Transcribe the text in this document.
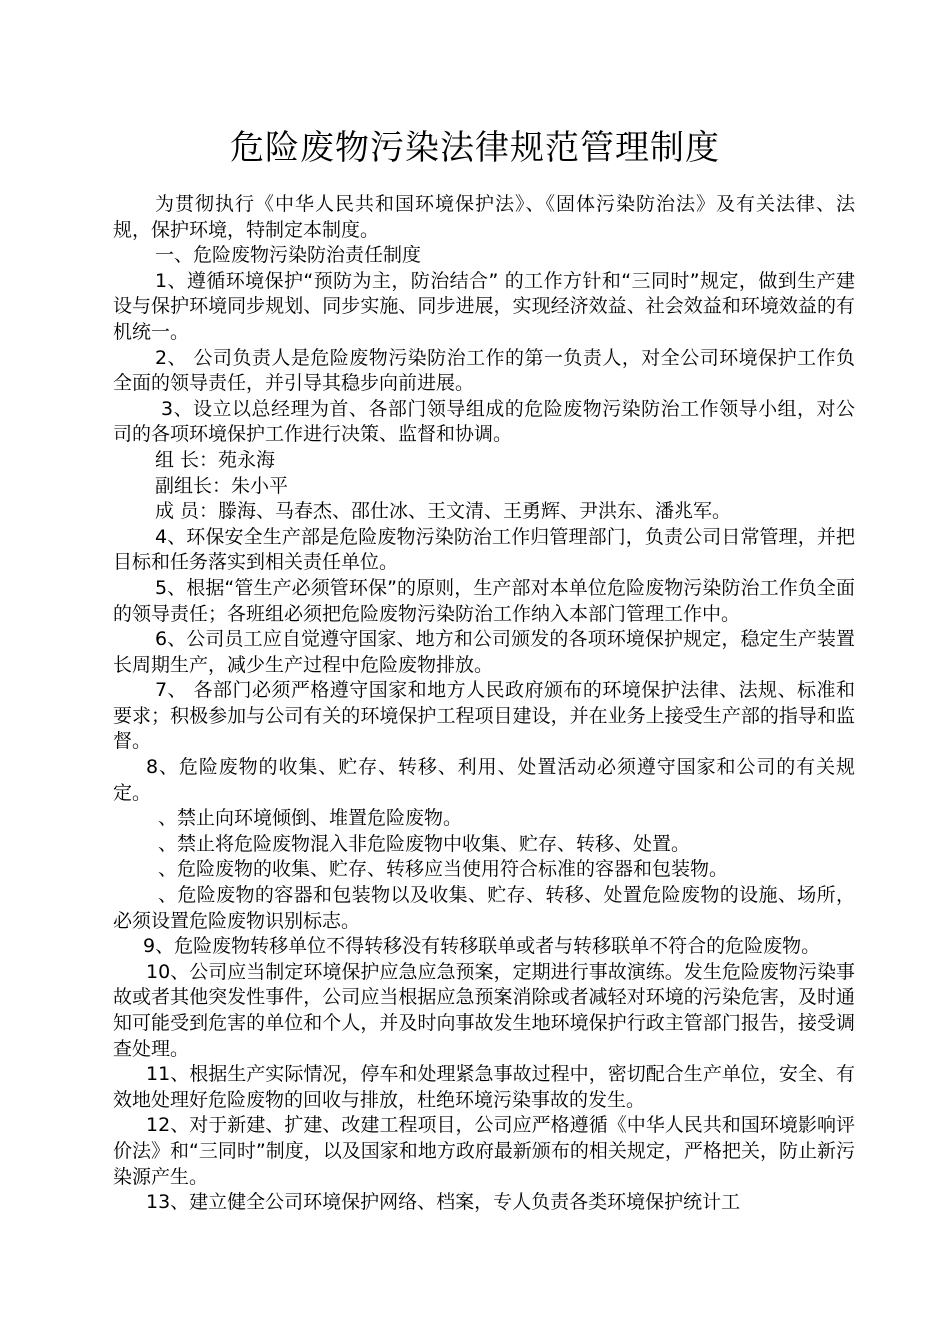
危险废物污染法律规范管理制度

为贯彻执行《中华人民共和国环境保护法》、《固体污染防治法》及有关法律、法规，保护环境，特制定本制度。

一、危险废物污染防治责任制度

1、遵循环境保护“预防为主，防治结合” 的工作方针和“三同时”规定，做到生产建设与保护环境同步规划、同步实施、同步进展，实现经济效益、社会效益和环境效益的有机统一。

2、 公司负责人是危险废物污染防治工作的第一负责人，对全公司环境保护工作负全面的领导责任，并引导其稳步向前进展。

3、设立以总经理为首、各部门领导组成的危险废物污染防治工作领导小组，对公司的各项环境保护工作进行决策、监督和协调。

组 长：苑永海

副组长：朱小平

成 员：滕海、马春杰、邵仕冰、王文清、王勇辉、尹洪东、潘兆军。

4、环保安全生产部是危险废物污染防治工作归管理部门，负责公司日常管理，并把目标和任务落实到相关责任单位。

5、根据“管生产必须管环保”的原则，生产部对本单位危险废物污染防治工作负全面的领导责任；各班组必须把危险废物污染防治工作纳入本部门管理工作中。

6、公司员工应自觉遵守国家、地方和公司颁发的各项环境保护规定，稳定生产装置长周期生产，减少生产过程中危险废物排放。

7、 各部门必须严格遵守国家和地方人民政府颁布的环境保护法律、法规、标准和要求；积极参加与公司有关的环境保护工程项目建设，并在业务上接受生产部的指导和监督。

8、危险废物的收集、贮存、转移、利用、处置活动必须遵守国家和公司的有关规定。

、禁止向环境倾倒、堆置危险废物。

、禁止将危险废物混入非危险废物中收集、贮存、转移、处置。

、危险废物的收集、贮存、转移应当使用符合标准的容器和包装物。

、危险废物的容器和包装物以及收集、贮存、转移、处置危险废物的设施、场所，必须设置危险废物识别标志。

9、危险废物转移单位不得转移没有转移联单或者与转移联单不符合的危险废物。

10、公司应当制定环境保护应急应急预案，定期进行事故演练。发生危险废物污染事故或者其他突发性事件，公司应当根据应急预案消除或者减轻对环境的污染危害，及时通知可能受到危害的单位和个人，并及时向事故发生地环境保护行政主管部门报告，接受调查处理。

11、根据生产实际情况，停车和处理紧急事故过程中，密切配合生产单位，安全、有效地处理好危险废物的回收与排放，杜绝环境污染事故的发生。

12、对于新建、扩建、改建工程项目，公司应严格遵循《中华人民共和国环境影响评价法》和“三同时”制度，以及国家和地方政府最新颁布的相关规定，严格把关，防止新污染源产生。

13、建立健全公司环境保护网络、档案，专人负责各类环境保护统计工
